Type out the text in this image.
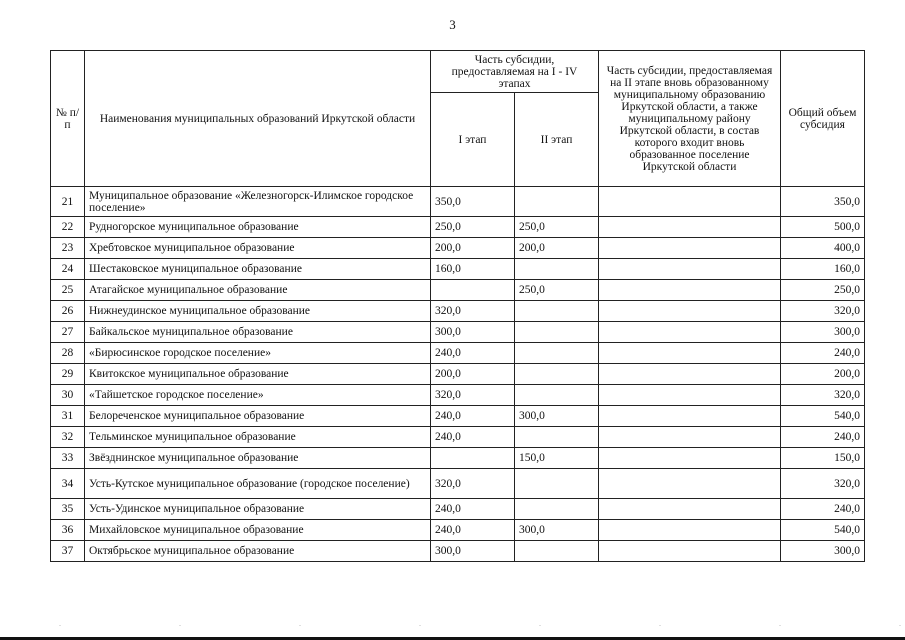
3
№ п/п	Наименования муниципальных образований Иркутской области	Часть субсидии, предоставляемая на I - IV этапах		Часть субсидии, предоставляемая на II этапе вновь образованному муниципальному образованию Иркутской области, а также муниципальному району Иркутской области, в состав которого входит вновь образованное поселение Иркутской области	Общий объем субсидия
		I этап	II этап		
21	Муниципальное образование «Железногорск-Илимское городское поселение»	350,0			350,0
22	Рудногорское муниципальное образование	250,0	250,0		500,0
23	Хребтовское муниципальное образование	200,0	200,0		400,0
24	Шестаковское муниципальное образование	160,0			160,0
25	Атагайское муниципальное образование		250,0		250,0
26	Нижнеудинское муниципальное образование	320,0			320,0
27	Байкальское муниципальное образование	300,0			300,0
28	«Бирюсинское городское поселение»	240,0			240,0
29	Квитокское муниципальное образование	200,0			200,0
30	«Тайшетское городское поселение»	320,0			320,0
31	Белореченское муниципальное образование	240,0	300,0		540,0
32	Тельминское муниципальное образование	240,0			240,0
33	Звёзднинское муниципальное образование		150,0		150,0
34	Усть-Кутское муниципальное образование (городское поселение)	320,0			320,0
35	Усть-Удинское муниципальное образование	240,0			240,0
36	Михайловское муниципальное образование	240,0	300,0		540,0
37	Октябрьское муниципальное образование	300,0			300,0
